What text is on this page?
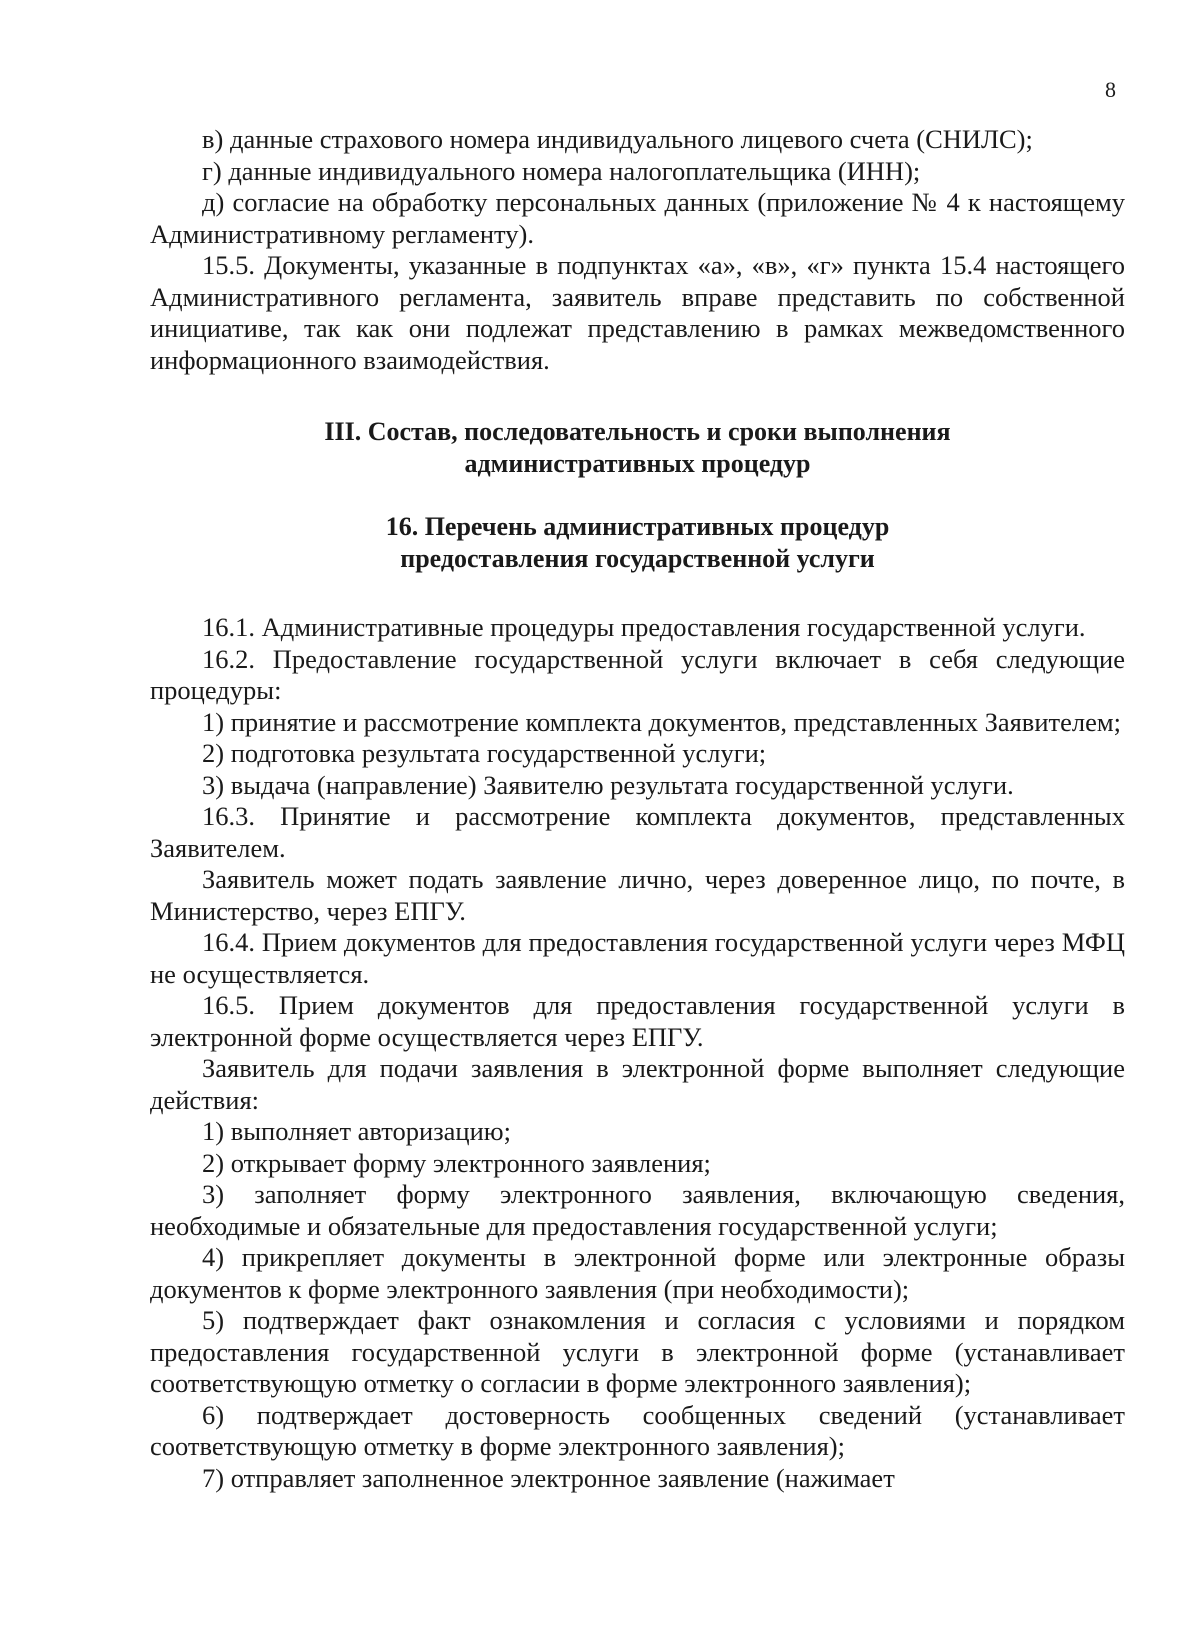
8

в) данные страхового номера индивидуального лицевого счета (СНИЛС);

г) данные индивидуального номера налогоплательщика (ИНН);

д) согласие на обработку персональных данных (приложение № 4 к настоящему Административному регламенту).

15.5. Документы, указанные в подпунктах «а», «в», «г» пункта 15.4 настоящего Административного регламента, заявитель вправе представить по собственной инициативе, так как они подлежат представлению в рамках межведомственного информационного взаимодействия.

III. Состав, последовательность и сроки выполнения

административных процедур

16. Перечень административных процедур

предоставления государственной услуги

16.1. Административные процедуры предоставления государственной услуги.

16.2. Предоставление государственной услуги включает в себя следующие процедуры:

1) принятие и рассмотрение комплекта документов, представленных Заявителем;

2) подготовка результата государственной услуги;

3) выдача (направление) Заявителю результата государственной услуги.

16.3. Принятие и рассмотрение комплекта документов, представленных Заявителем.

Заявитель может подать заявление лично, через доверенное лицо, по почте, в Министерство, через ЕПГУ.

16.4. Прием документов для предоставления государственной услуги через МФЦ не осуществляется.

16.5. Прием документов для предоставления государственной услуги в электронной форме осуществляется через ЕПГУ.

Заявитель для подачи заявления в электронной форме выполняет следующие действия:

1) выполняет авторизацию;

2) открывает форму электронного заявления;

3) заполняет форму электронного заявления, включающую сведения, необходимые и обязательные для предоставления государственной услуги;

4) прикрепляет документы в электронной форме или электронные образы документов к форме электронного заявления (при необходимости);

5) подтверждает факт ознакомления и согласия с условиями и порядком предоставления государственной услуги в электронной форме (устанавливает соответствующую отметку о согласии в форме электронного заявления);

6) подтверждает достоверность сообщенных сведений (устанавливает соответствующую отметку в форме электронного заявления);

7) отправляет заполненное электронное заявление (нажимает
